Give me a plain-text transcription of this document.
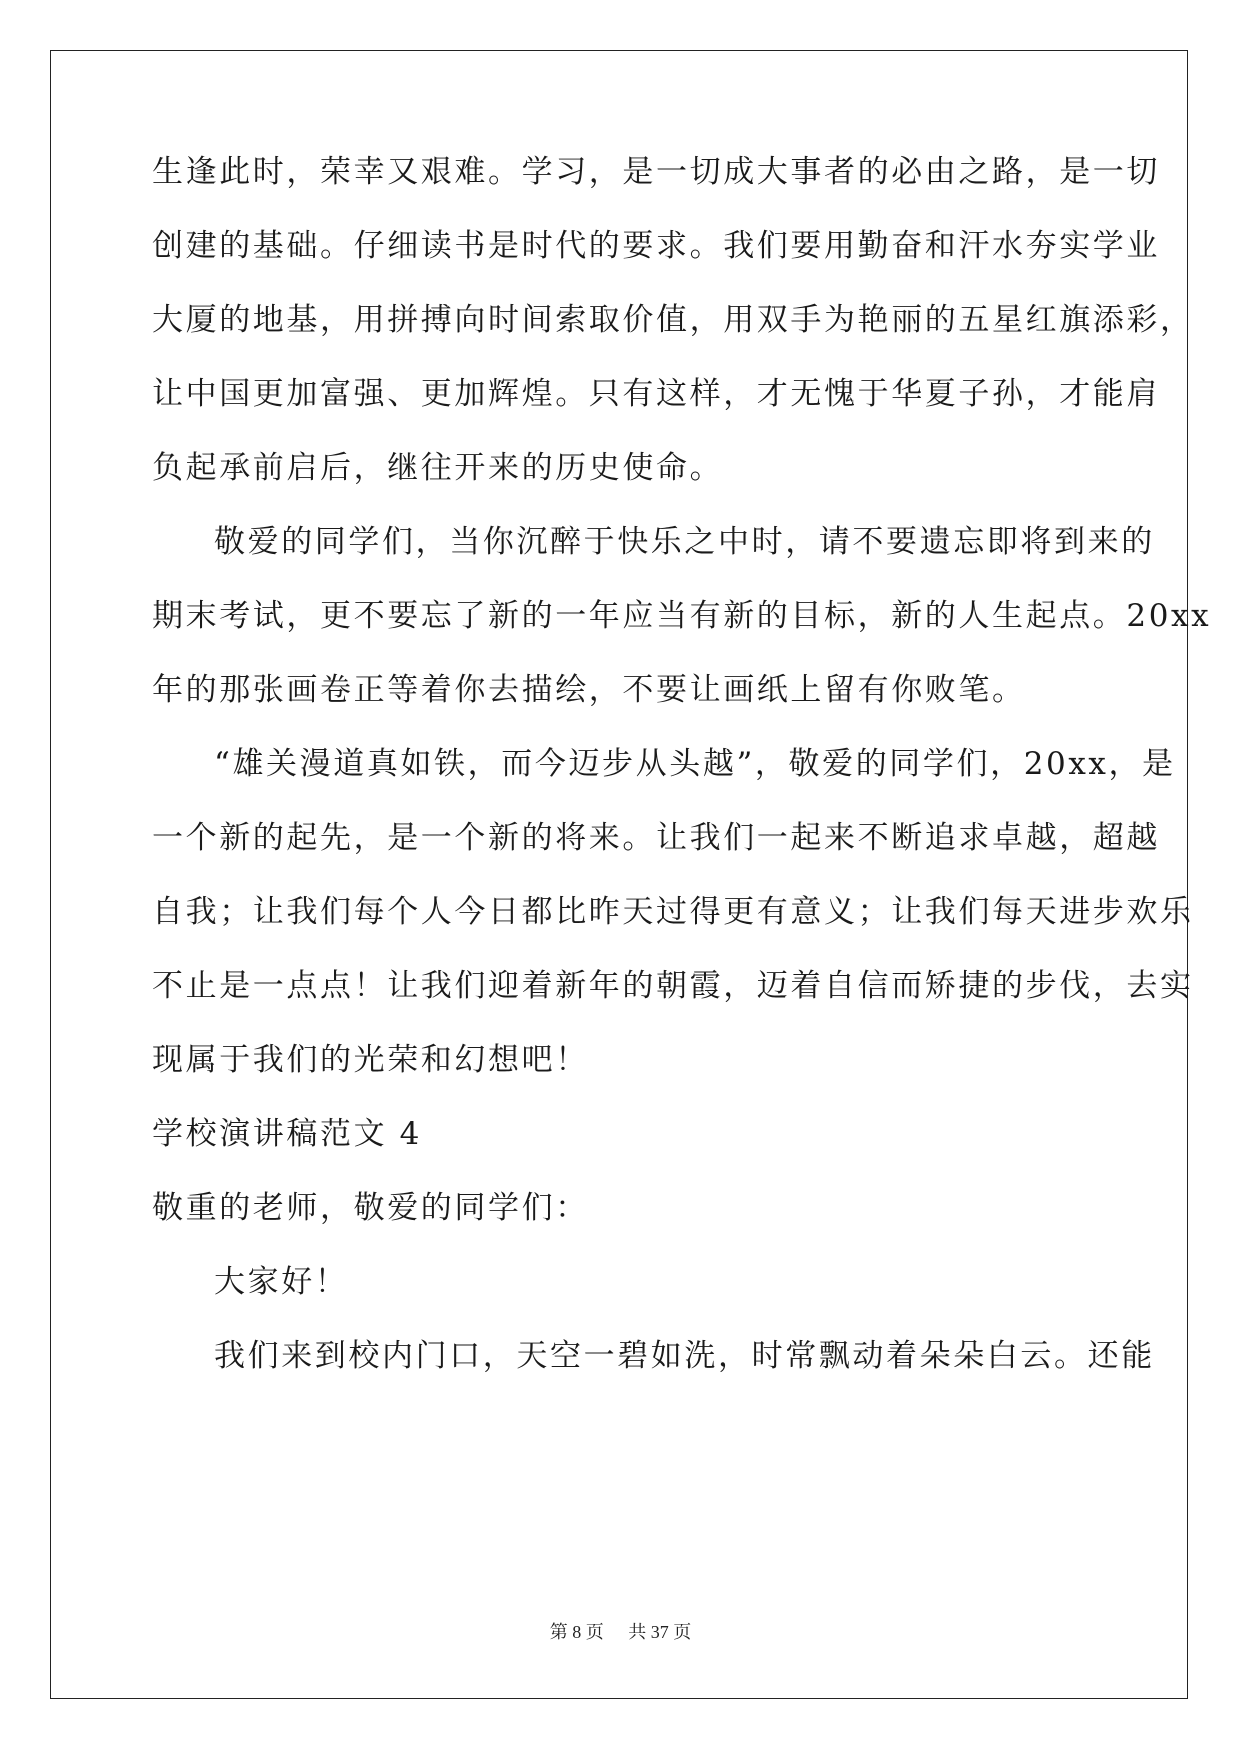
生逢此时，荣幸又艰难。学习，是一切成大事者的必由之路，是一切
创建的基础。仔细读书是时代的要求。我们要用勤奋和汗水夯实学业
大厦的地基，用拼搏向时间索取价值，用双手为艳丽的五星红旗添彩，
让中国更加富强、更加辉煌。只有这样，才无愧于华夏子孙，才能肩
负起承前启后，继往开来的历史使命。
敬爱的同学们，当你沉醉于快乐之中时，请不要遗忘即将到来的
期末考试，更不要忘了新的一年应当有新的目标，新的人生起点。20xx
年的那张画卷正等着你去描绘，不要让画纸上留有你败笔。
“雄关漫道真如铁，而今迈步从头越”，敬爱的同学们，20xx，是
一个新的起先，是一个新的将来。让我们一起来不断追求卓越，超越
自我；让我们每个人今日都比昨天过得更有意义；让我们每天进步欢乐
不止是一点点！让我们迎着新年的朝霞，迈着自信而矫捷的步伐，去实
现属于我们的光荣和幻想吧！
学校演讲稿范文 4
敬重的老师，敬爱的同学们：
大家好！
我们来到校内门口，天空一碧如洗，时常飘动着朵朵白云。还能
第 8 页 共 37 页
